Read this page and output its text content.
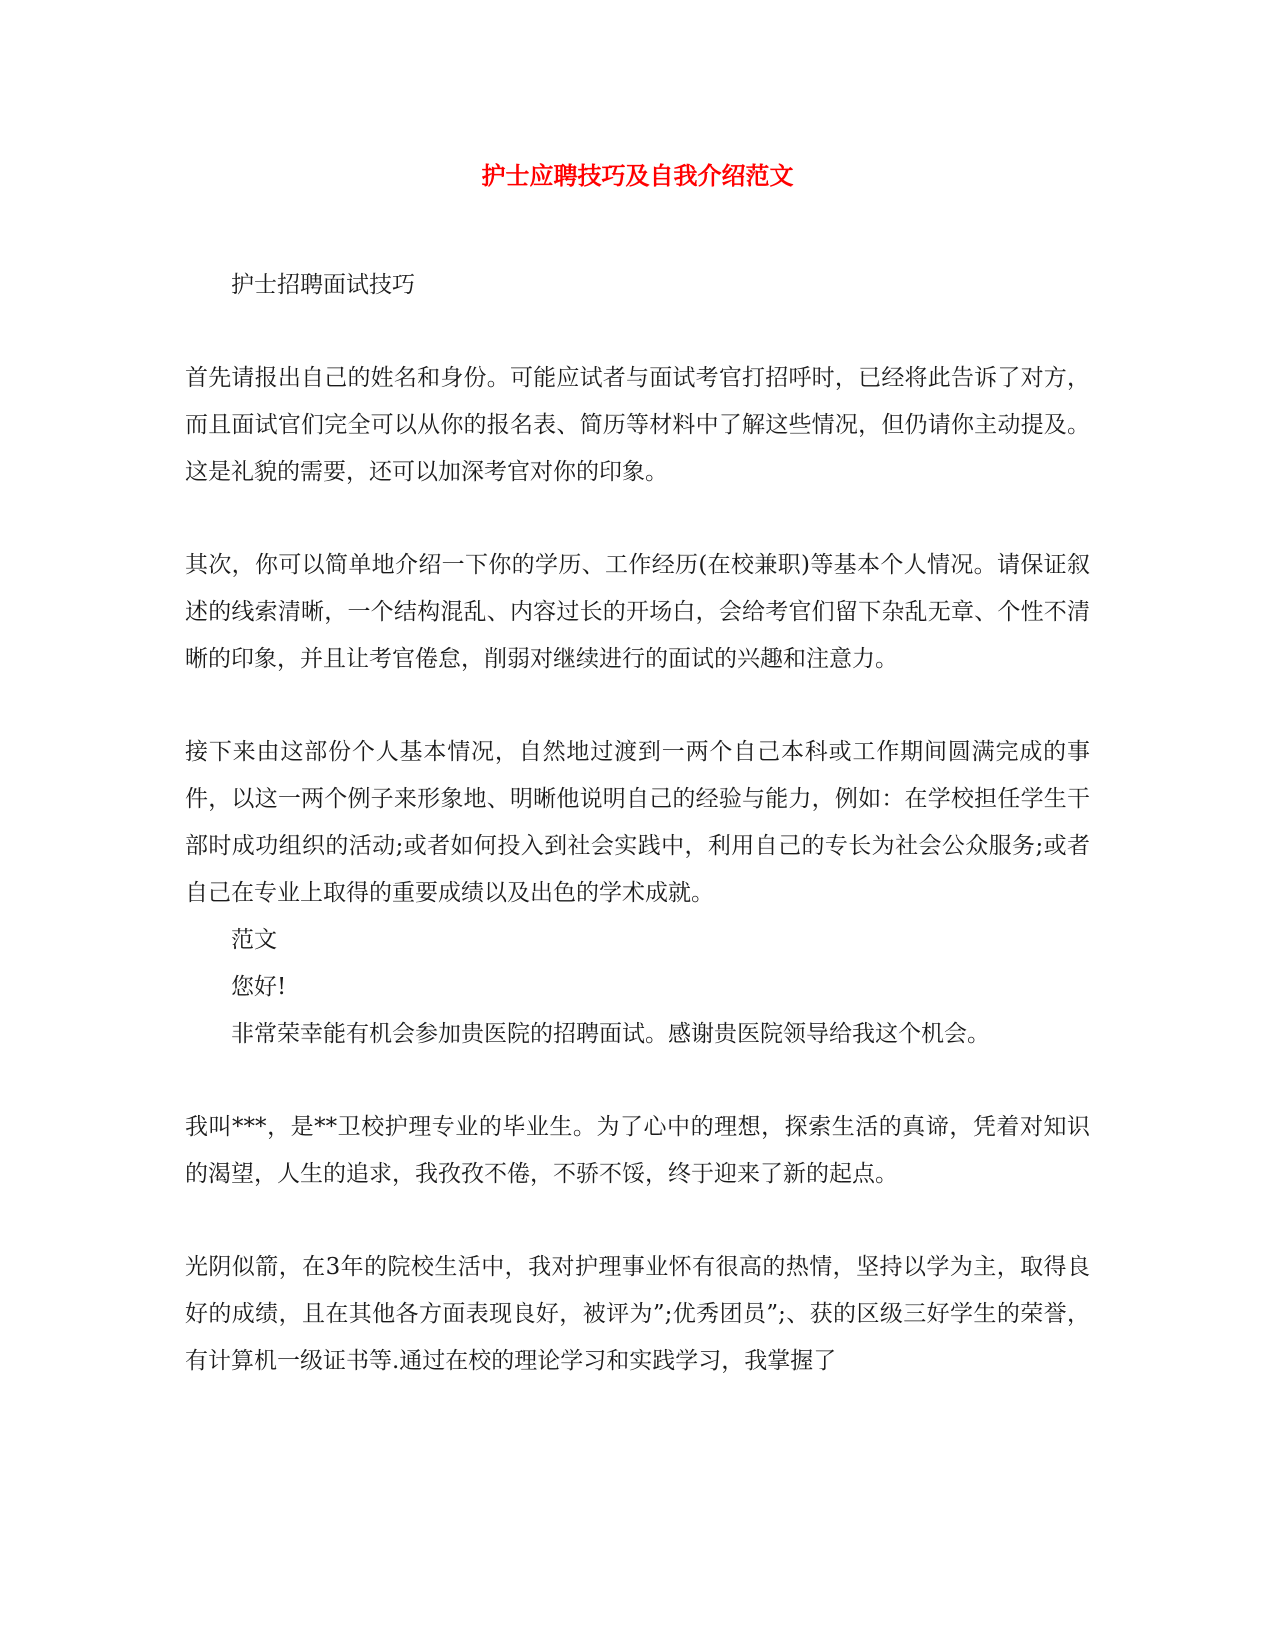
护士应聘技巧及自我介绍范文

护士招聘面试技巧

首先请报出自己的姓名和身份。可能应试者与面试考官打招呼时，已经将此告诉了对方，而且面试官们完全可以从你的报名表、简历等材料中了解这些情况，但仍请你主动提及。这是礼貌的需要，还可以加深考官对你的印象。

其次，你可以简单地介绍一下你的学历、工作经历(在校兼职)等基本个人情况。请保证叙述的线索清晰，一个结构混乱、内容过长的开场白，会给考官们留下杂乱无章、个性不清晰的印象，并且让考官倦怠，削弱对继续进行的面试的兴趣和注意力。

接下来由这部份个人基本情况，自然地过渡到一两个自己本科或工作期间圆满完成的事件，以这一两个例子来形象地、明晰他说明自己的经验与能力，例如：在学校担任学生干部时成功组织的活动;或者如何投入到社会实践中，利用自己的专长为社会公众服务;或者自己在专业上取得的重要成绩以及出色的学术成就。

范文

您好!

非常荣幸能有机会参加贵医院的招聘面试。感谢贵医院领导给我这个机会。

我叫***，是**卫校护理专业的毕业生。为了心中的理想，探索生活的真谛，凭着对知识的渴望，人生的追求，我孜孜不倦，不骄不馁，终于迎来了新的起点。

光阴似箭，在3年的院校生活中，我对护理事业怀有很高的热情，坚持以学为主，取得良好的成绩，且在其他各方面表现良好，被评为”;优秀团员”;、获的区级三好学生的荣誉，有计算机一级证书等.通过在校的理论学习和实践学习，我掌握了
